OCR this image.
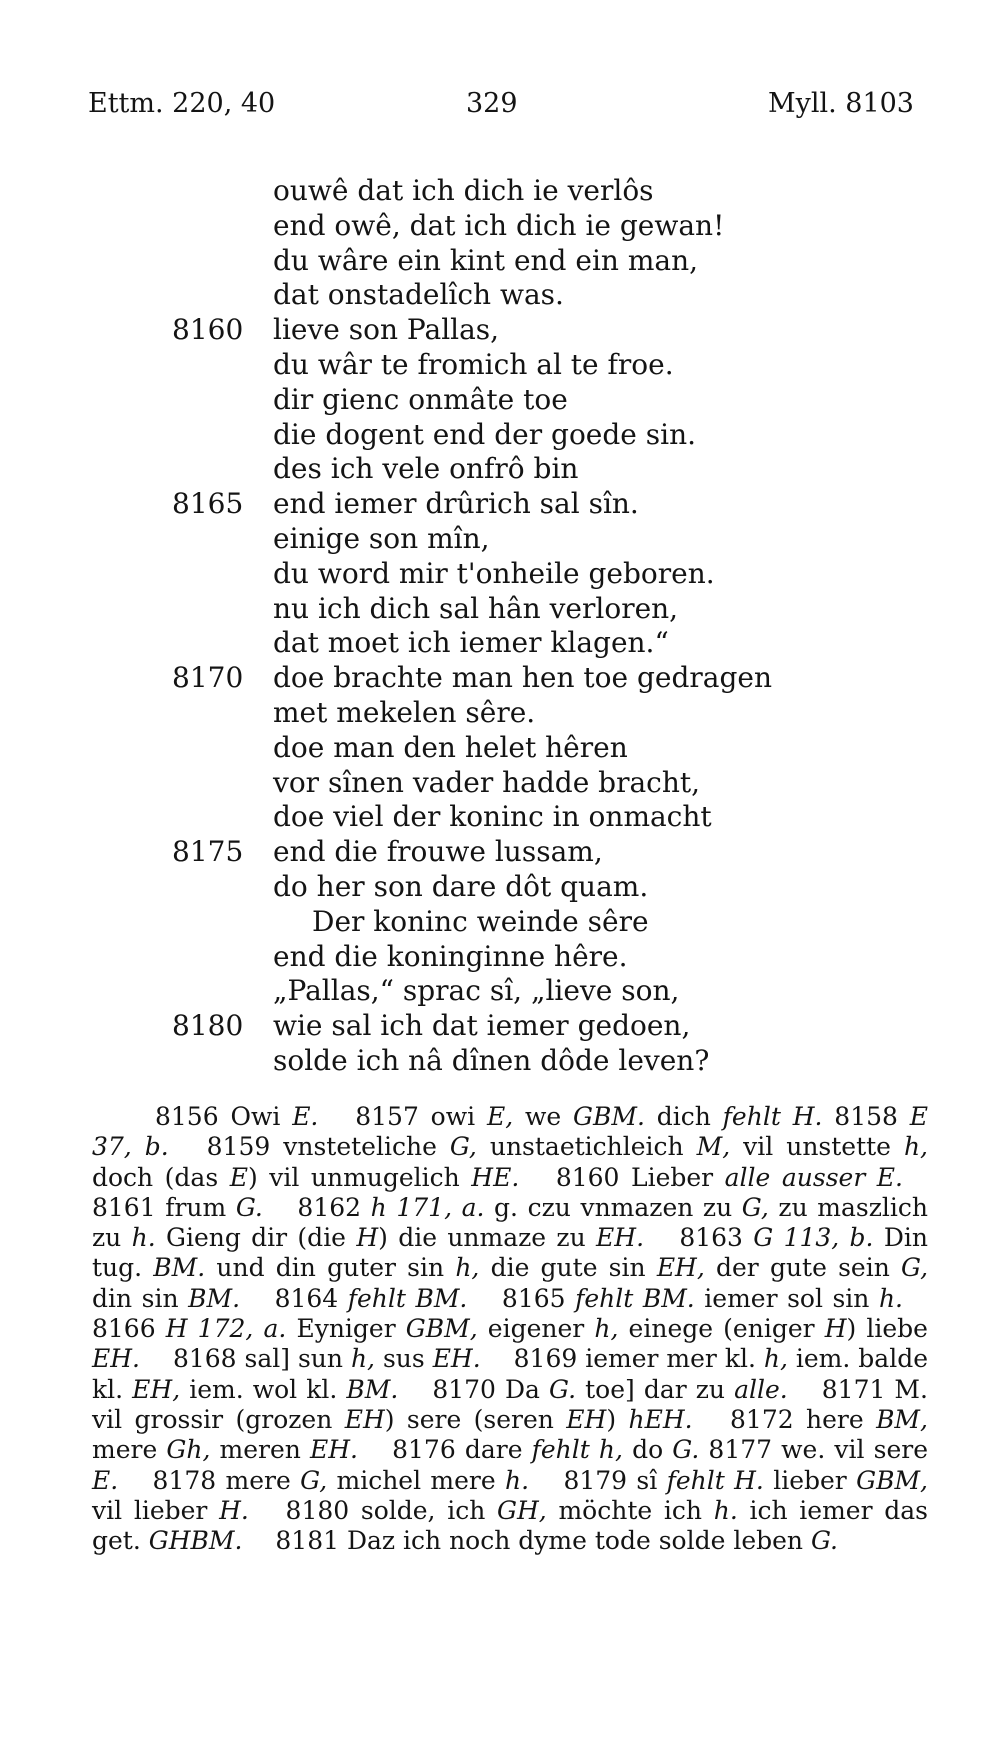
Ettm. 220, 40	329	Myll. 8103
ouwê dat ich dich ie verlôs
end owê, dat ich dich ie gewan!
du wâre ein kint end ein man,
dat onstadelîch was.
8160	lieve son Pallas,
du wâr te fromich al te froe.
dir gienc onmâte toe
die dogent end der goede sin.
des ich vele onfrô bin
8165	end iemer drûrich sal sîn.
einige son mîn,
du word mir t'onheile geboren.
nu ich dich sal hân verloren,
dat moet ich iemer klagen.“
8170	doe brachte man hen toe gedragen
met mekelen sêre.
doe man den helet hêren
vor sînen vader hadde bracht,
doe viel der koninc in onmacht
8175	end die frouwe lussam,
do her son dare dôt quam.
Der koninc weinde sêre
end die koninginne hêre.
„Pallas,“ sprac sî, „lieve son,
8180	wie sal ich dat iemer gedoen,
solde ich nâ dînen dôde leven?
8156 Owi E.  8157 owi E, we GBM. dich fehlt H. 8158 E 37, b.  8159 vnsteteliche G, unstaetichleich M, vil unstette h, doch (das E) vil unmugelich HE.  8160 Lieber alle ausser E.  8161 frum G.  8162 h 171, a. g. czu vnmazen zu G, zu maszlich zu h. Gieng dir (die H) die unmaze zu EH.  8163 G 113, b. Din tug. BM. und din guter sin h, die gute sin EH, der gute sein G, din sin BM.  8164 fehlt BM.  8165 fehlt BM. iemer sol sin h.  8166 H 172, a. Eyniger GBM, eigener h, einege (eniger H) liebe EH.  8168 sal] sun h, sus EH.  8169 iemer mer kl. h, iem. balde kl. EH, iem. wol kl. BM.  8170 Da G. toe] dar zu alle.  8171 M. vil grossir (grozen EH) sere (seren EH) hEH.  8172 here BM, mere Gh, meren EH.  8176 dare fehlt h, do G. 8177 we. vil sere E.  8178 mere G, michel mere h.  8179 sî fehlt H. lieber GBM, vil lieber H.  8180 solde, ich GH, möchte ich h. ich iemer das get. GHBM.  8181 Daz ich noch dyme tode solde leben G.
